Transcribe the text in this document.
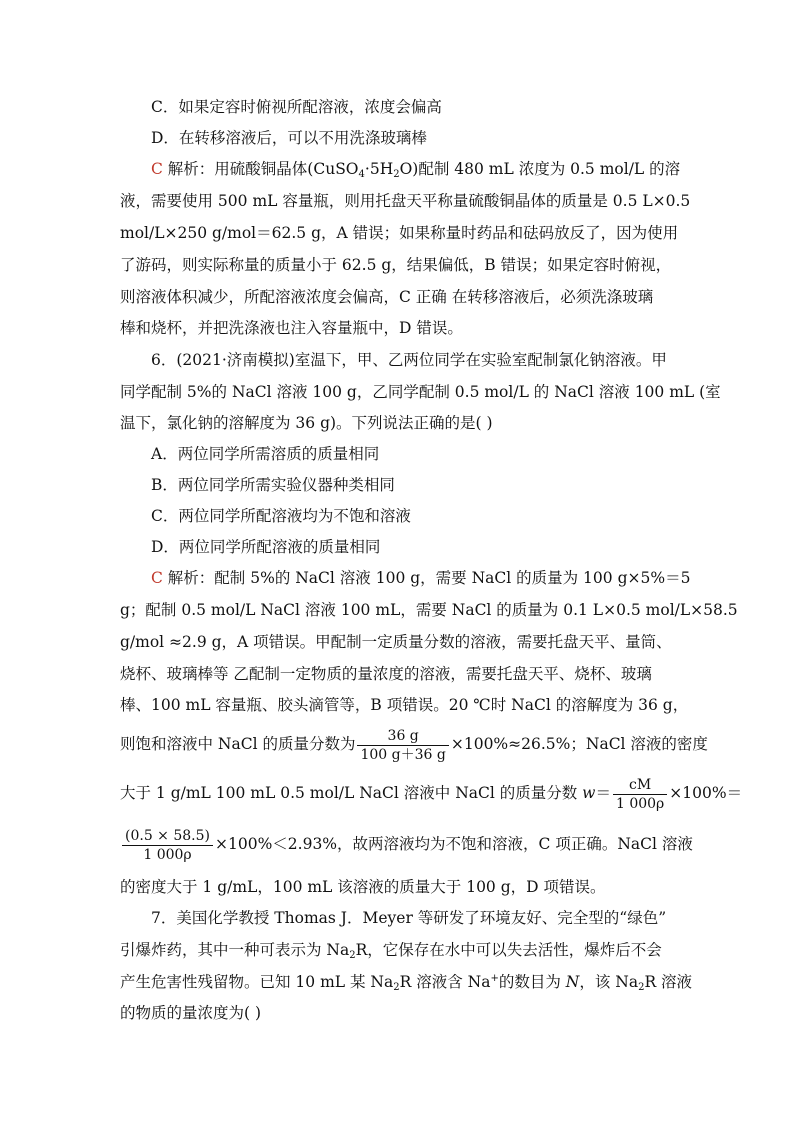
C．如果定容时俯视所配溶液，浓度会偏高
D．在转移溶液后，可以不用洗涤玻璃棒
C 解析：用硫酸铜晶体$(CuSO_4\cdot 5H_2O)$配制 480 mL 浓度为 0.5 mol/L 的溶
液，需要使用 500 mL 容量瓶，则用托盘天平称量硫酸铜晶体的质量是 0.5 L×0.5
mol/L×250 g/mol＝62.5 g，A 错误；如果称量时药品和砝码放反了，因为使用
了游码，则实际称量的质量小于 62.5 g，结果偏低，B 错误；如果定容时俯视，
则溶液体积减少，所配溶液浓度会偏高，C 正确 在转移溶液后，必须洗涤玻璃
棒和烧杯，并把洗涤液也注入容量瓶中，D 错误。
6．(2021·济南模拟)室温下，甲、乙两位同学在实验室配制氯化钠溶液。甲
同学配制 5%的 NaCl 溶液 100 g，乙同学配制 0.5 mol/L 的 NaCl 溶液 100 mL (室
温下，氯化钠的溶解度为 36 g)。下列说法正确的是( )
A．两位同学所需溶质的质量相同
B．两位同学所需实验仪器种类相同
C．两位同学所配溶液均为不饱和溶液
D．两位同学所配溶液的质量相同
C 解析：配制 5%的 NaCl 溶液 100 g，需要 NaCl 的质量为 100 g×5%＝5
g；配制 0.5 mol/L NaCl 溶液 100 mL，需要 NaCl 的质量为 0.1 L×0.5 mol/L×58.5
g/mol ≈2.9 g，A 项错误。甲配制一定质量分数的溶液，需要托盘天平、量筒、
烧杯、玻璃棒等 乙配制一定物质的量浓度的溶液，需要托盘天平、烧杯、玻璃
棒、100 mL 容量瓶、胶头滴管等，B 项错误。20 ℃时 NaCl 的溶解度为 36 g，
则饱和溶液中 NaCl 的质量分数为 $\frac{36 g}{100 g+36 g} \times 100\%\approx 26.5\%$；NaCl 溶液的密度
大于 1 g/mL 100 mL 0.5 mol/L NaCl 溶液中 NaCl 的质量分数 $w= \frac{cM}{1 000\rho} \times 100\%=$
$\frac{(0.5 \times 58.5)}{1 000\rho} \times 100\%<2.93\%$，故两溶液均为不饱和溶液，C 项正确。NaCl 溶液
的密度大于 1 g/mL，100 mL 该溶液的质量大于 100 g，D 项错误。
7．美国化学教授 Thomas J．Meyer 等研发了环境友好、完全型的“绿色”
引爆炸药，其中一种可表示为 $Na_2R$，它保存在水中可以失去活性，爆炸后不会
产生危害性残留物。已知 10 mL 某 $Na_2R$ 溶液含 Na+的数目为 N，该 $Na_2R$ 溶液
的物质的量浓度为( )
